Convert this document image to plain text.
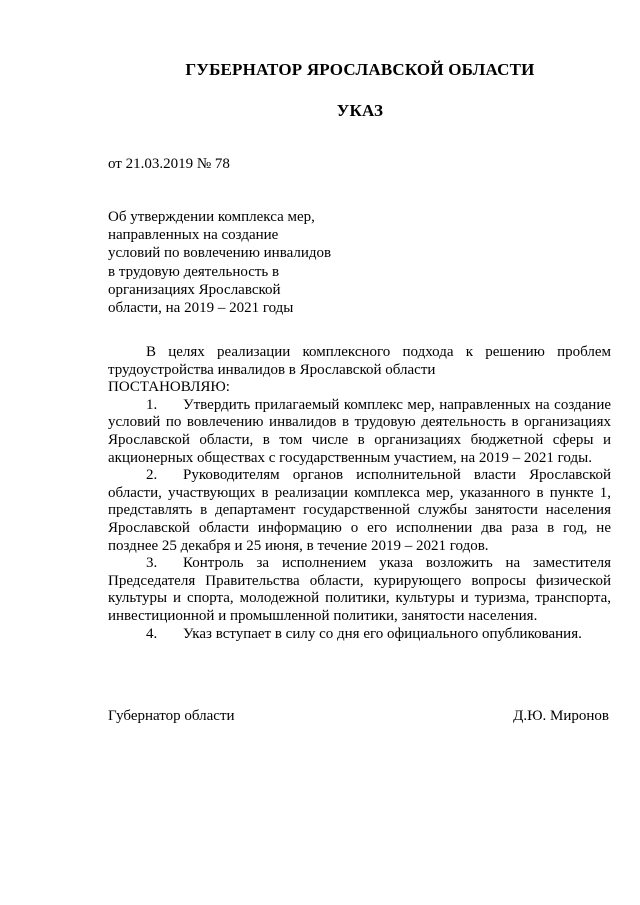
ГУБЕРНАТОР ЯРОСЛАВСКОЙ ОБЛАСТИ
УКАЗ
от 21.03.2019 № 78
Об утверждении комплекса мер,
направленных на создание
условий по вовлечению инвалидов
в трудовую деятельность в
организациях Ярославской
области, на 2019 – 2021 годы

В целях реализации комплексного подхода к решению проблем трудоустройства инвалидов в Ярославской области

ПОСТАНОВЛЯЮ:

1. Утвердить прилагаемый комплекс мер, направленных на создание условий по вовлечению инвалидов в трудовую деятельность в организациях Ярославской области, в том числе в организациях бюджетной сферы и акционерных обществах с государственным участием, на 2019 – 2021 годы.

2. Руководителям органов исполнительной власти Ярославской области, участвующих в реализации комплекса мер, указанного в пункте 1, представлять в департамент государственной службы занятости населения Ярославской области информацию о его исполнении два раза в год, не позднее 25 декабря и 25 июня, в течение 2019 – 2021 годов.

3. Контроль за исполнением указа возложить на заместителя Председателя Правительства области, курирующего вопросы физической культуры и спорта, молодежной политики, культуры и туризма, транспорта, инвестиционной и промышленной политики, занятости населения.

4. Указ вступает в силу со дня его официального опубликования.

Губернатор области	Д.Ю. Миронов
